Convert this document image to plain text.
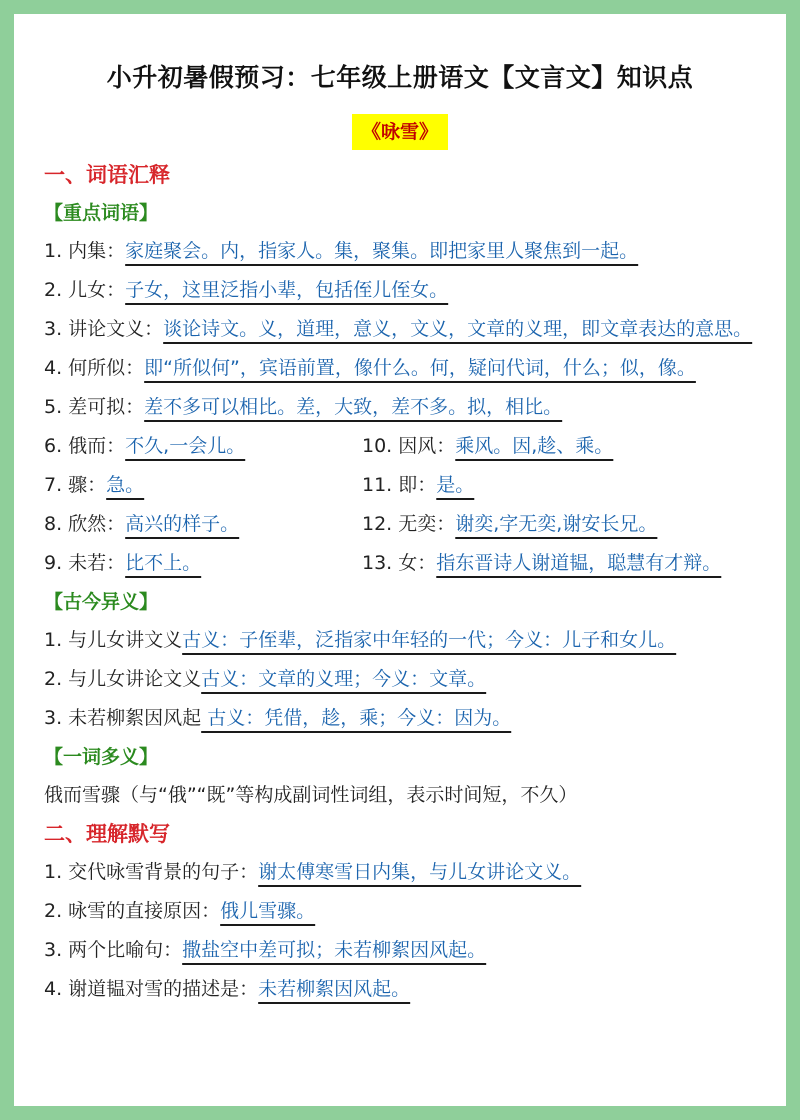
小升初暑假预习：七年级上册语文【文言文】知识点
《咏雪》
一、词语汇释
【重点词语】
1. 内集：家庭聚会。内，指家人。集，聚集。即把家里人聚焦到一起。
2. 儿女：子女，这里泛指小辈，包括侄儿侄女。
3. 讲论文义：谈论诗文。义，道理，意义，文义，文章的义理，即文章表达的意思。
4. 何所似：即“所似何”，宾语前置，像什么。何，疑问代词，什么；似，像。
5. 差可拟：差不多可以相比。差，大致，差不多。拟，相比。
6. 俄而：不久,一会儿。	10. 因风：乘风。因,趁、乘。
7. 骤：急。	11. 即：是。
8. 欣然：高兴的样子。	12. 无奕：谢奕,字无奕,谢安长兄。
9. 未若：比不上。	13. 女：指东晋诗人谢道韫，聪慧有才辩。
【古今异义】
1. 与儿女讲文义古义：子侄辈，泛指家中年轻的一代；今义：儿子和女儿。
2. 与儿女讲论文义古义：文章的义理；今义：文章。
3. 未若柳絮因风起 古义：凭借，趁，乘；今义：因为。
【一词多义】
俄而雪骤（与“俄”“既”等构成副词性词组，表示时间短，不久）
二、理解默写
1. 交代咏雪背景的句子：谢太傅寒雪日内集，与儿女讲论文义。
2. 咏雪的直接原因：俄儿雪骤。
3. 两个比喻句：撒盐空中差可拟；未若柳絮因风起。
4. 谢道韫对雪的描述是：未若柳絮因风起。
